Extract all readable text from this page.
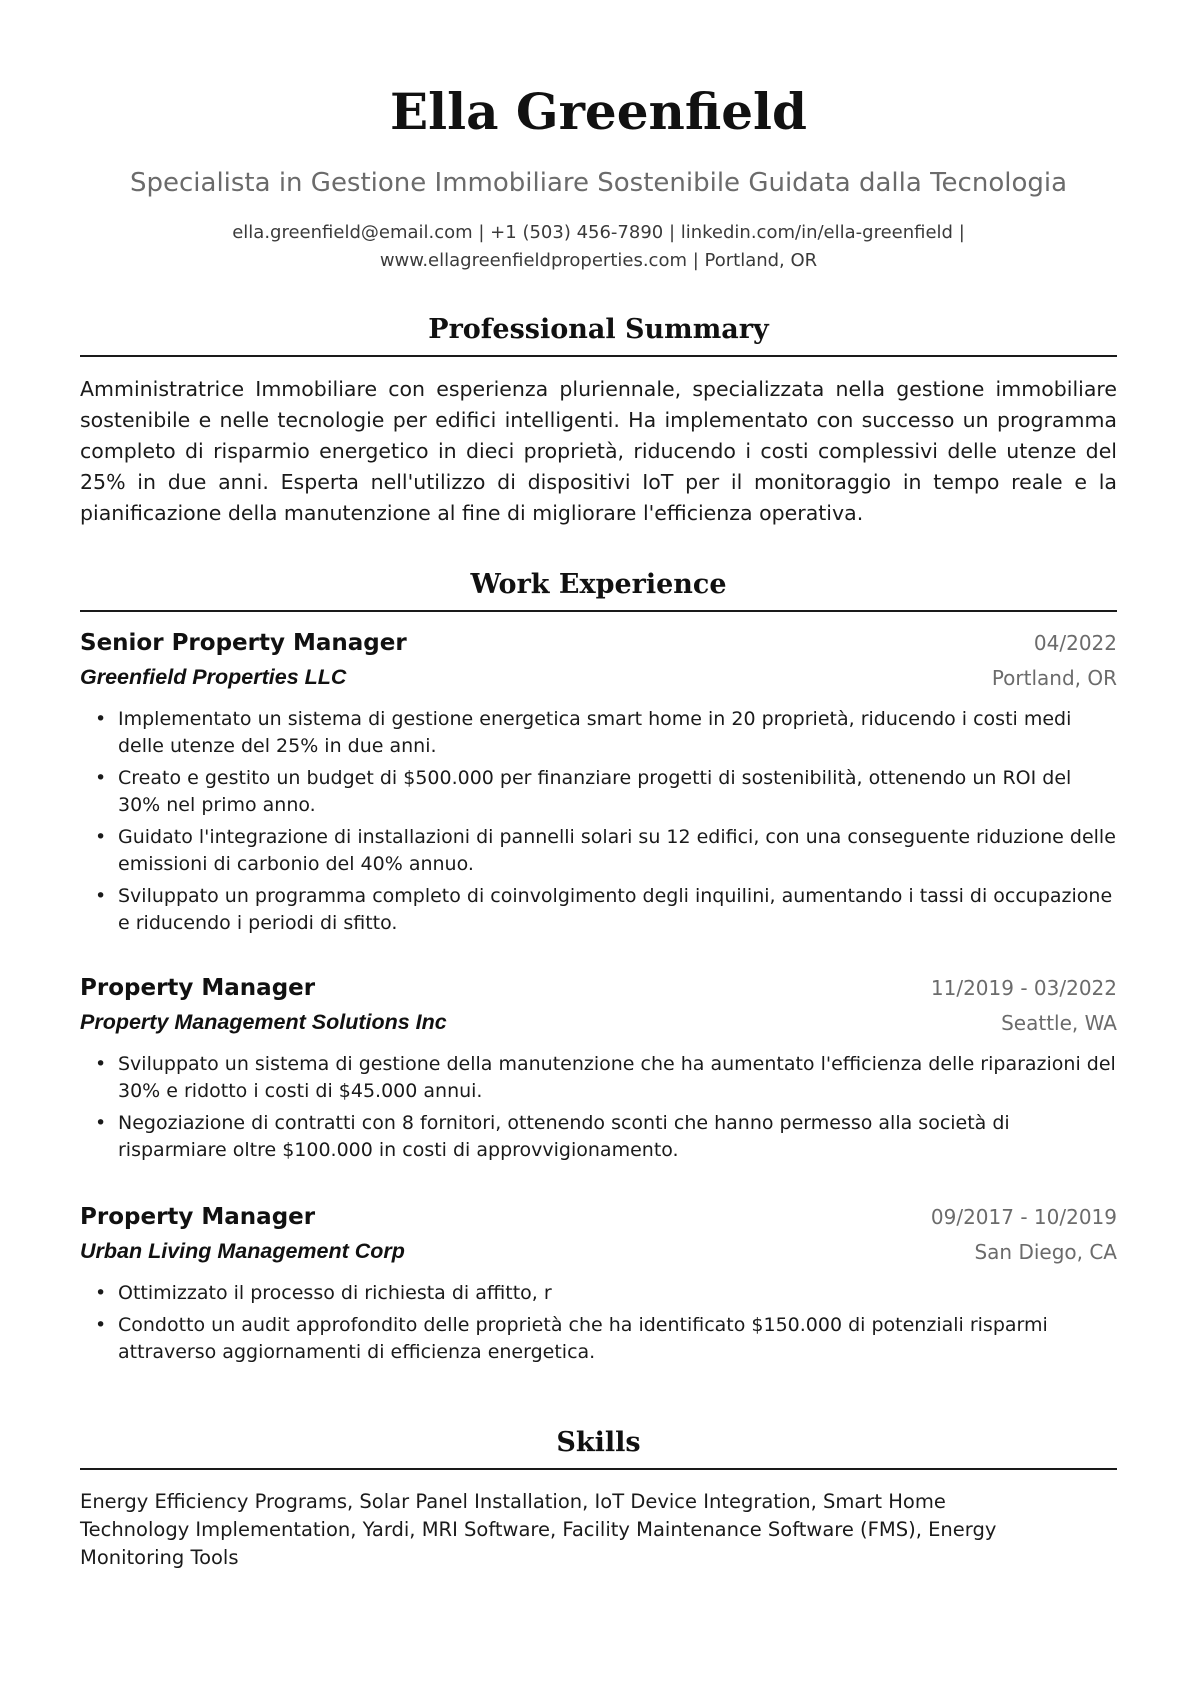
Ella Greenfield
Specialista in Gestione Immobiliare Sostenibile Guidata dalla Tecnologia
ella.greenfield@email.com | +1 (503) 456-7890 | linkedin.com/in/ella-greenfield |
www.ellagreenfieldproperties.com | Portland, OR
Professional Summary
Amministratrice Immobiliare con esperienza pluriennale, specializzata nella gestione immobiliare sostenibile e nelle tecnologie per edifici intelligenti. Ha implementato con successo un programma completo di risparmio energetico in dieci proprietà, riducendo i costi complessivi delle utenze del 25% in due anni. Esperta nell'utilizzo di dispositivi IoT per il monitoraggio in tempo reale e la pianificazione della manutenzione al fine di migliorare l'efficienza operativa.
Work Experience
Senior Property Manager	04/2022
Greenfield Properties LLC	Portland, OR
• Implementato un sistema di gestione energetica smart home in 20 proprietà, riducendo i costi medi delle utenze del 25% in due anni.
• Creato e gestito un budget di $500.000 per finanziare progetti di sostenibilità, ottenendo un ROI del 30% nel primo anno.
• Guidato l'integrazione di installazioni di pannelli solari su 12 edifici, con una conseguente riduzione delle emissioni di carbonio del 40% annuo.
• Sviluppato un programma completo di coinvolgimento degli inquilini, aumentando i tassi di occupazione e riducendo i periodi di sfitto.
Property Manager	11/2019 - 03/2022
Property Management Solutions Inc	Seattle, WA
• Sviluppato un sistema di gestione della manutenzione che ha aumentato l'efficienza delle riparazioni del 30% e ridotto i costi di $45.000 annui.
• Negoziazione di contratti con 8 fornitori, ottenendo sconti che hanno permesso alla società di risparmiare oltre $100.000 in costi di approvvigionamento.
Property Manager	09/2017 - 10/2019
Urban Living Management Corp	San Diego, CA
• Ottimizzato il processo di richiesta di affitto, r
• Condotto un audit approfondito delle proprietà che ha identificato $150.000 di potenziali risparmi attraverso aggiornamenti di efficienza energetica.
Skills
Energy Efficiency Programs, Solar Panel Installation, IoT Device Integration, Smart Home Technology Implementation, Yardi, MRI Software, Facility Maintenance Software (FMS), Energy Monitoring Tools
